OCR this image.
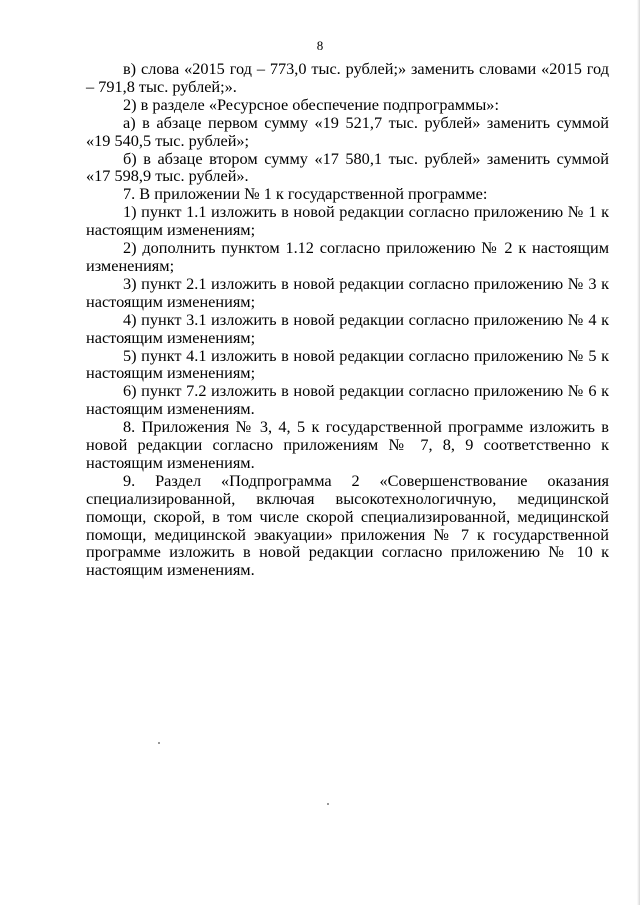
8

в) слова «2015 год – 773,0 тыс. рублей;» заменить словами «2015 год – 791,8 тыс. рублей;».

2) в разделе «Ресурсное обеспечение подпрограммы»:

а) в абзаце первом сумму «19 521,7 тыс. рублей» заменить суммой «19 540,5 тыс. рублей»;

б) в абзаце втором сумму «17 580,1 тыс. рублей» заменить суммой «17 598,9 тыс. рублей».

7. В приложении № 1 к государственной программе:

1) пункт 1.1 изложить в новой редакции согласно приложению № 1 к настоящим изменениям;

2) дополнить пунктом 1.12 согласно приложению № 2 к настоящим изменениям;

3) пункт 2.1 изложить в новой редакции согласно приложению № 3 к настоящим изменениям;

4) пункт 3.1 изложить в новой редакции согласно приложению № 4 к настоящим изменениям;

5) пункт 4.1 изложить в новой редакции согласно приложению № 5 к настоящим изменениям;

6) пункт 7.2 изложить в новой редакции согласно приложению № 6 к настоящим изменениям.

8. Приложения № 3, 4, 5 к государственной программе изложить в новой редакции согласно приложениям № 7, 8, 9 соответственно к настоящим изменениям.

9. Раздел «Подпрограмма 2 «Совершенствование оказания специализированной, включая высокотехнологичную, медицинской помощи, скорой, в том числе скорой специализированной, медицинской помощи, медицинской эвакуации» приложения № 7 к государственной программе изложить в новой редакции согласно приложению № 10 к настоящим изменениям.
